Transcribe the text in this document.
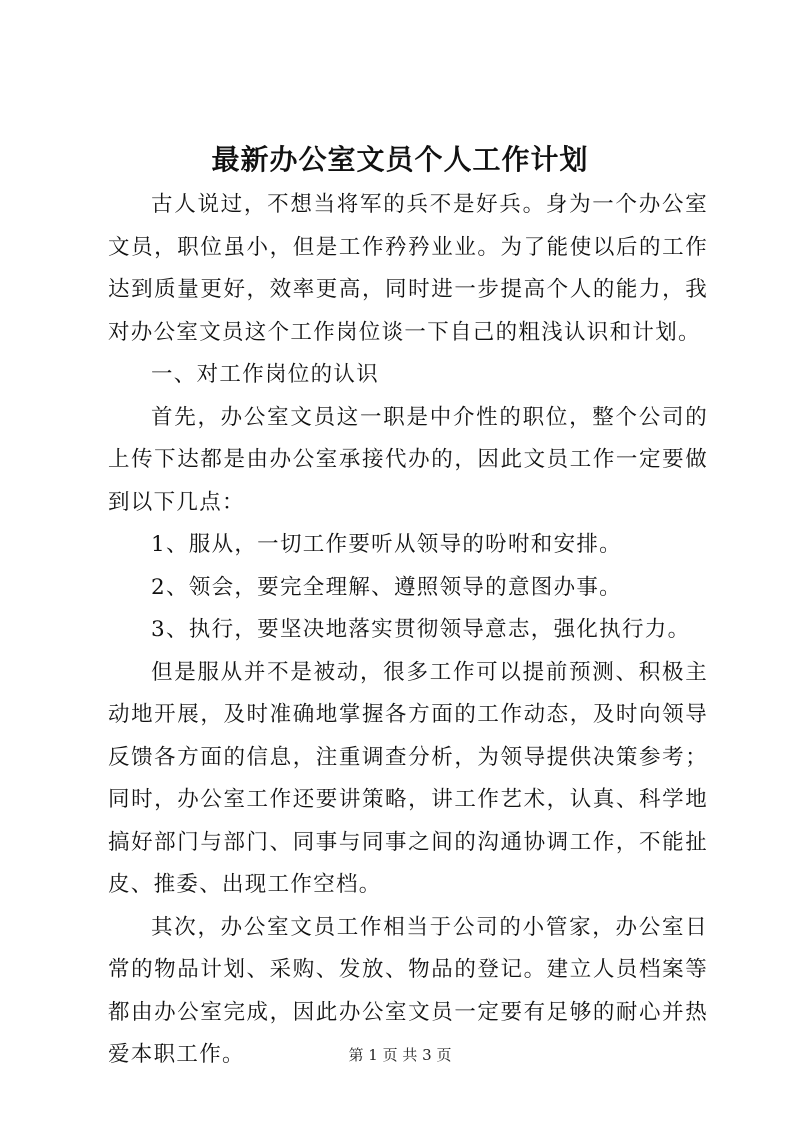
最新办公室文员个人工作计划

古人说过，不想当将军的兵不是好兵。身为一个办公室文员，职位虽小，但是工作矜矜业业。为了能使以后的工作达到质量更好，效率更高，同时进一步提高个人的能力，我对办公室文员这个工作岗位谈一下自己的粗浅认识和计划。

一、对工作岗位的认识

首先，办公室文员这一职是中介性的职位，整个公司的上传下达都是由办公室承接代办的，因此文员工作一定要做到以下几点：

1、服从，一切工作要听从领导的吩咐和安排。

2、领会，要完全理解、遵照领导的意图办事。

3、执行，要坚决地落实贯彻领导意志，强化执行力。

但是服从并不是被动，很多工作可以提前预测、积极主动地开展，及时准确地掌握各方面的工作动态，及时向领导反馈各方面的信息，注重调查分析，为领导提供决策参考；同时，办公室工作还要讲策略，讲工作艺术，认真、科学地搞好部门与部门、同事与同事之间的沟通协调工作，不能扯皮、推委、出现工作空档。

其次，办公室文员工作相当于公司的小管家，办公室日常的物品计划、采购、发放、物品的登记。建立人员档案等都由办公室完成，因此办公室文员一定要有足够的耐心并热爱本职工作。	第 1 页 共 3 页
